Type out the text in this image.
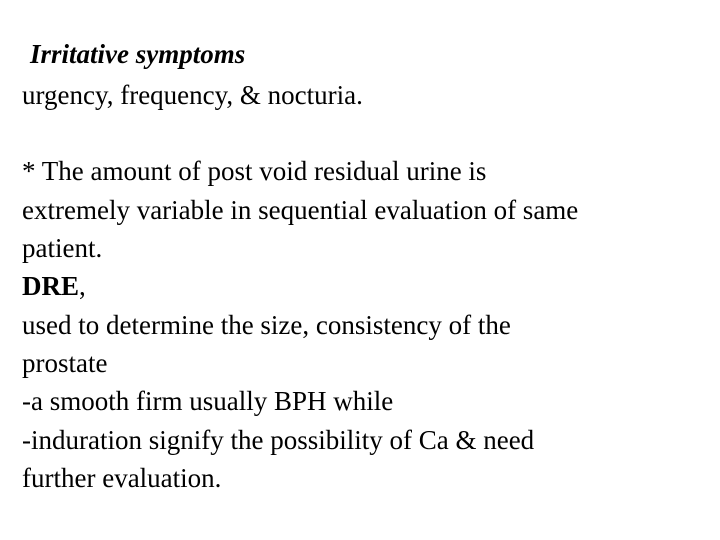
Irritative symptoms
urgency, frequency, & nocturia.
* The amount of post void residual urine is
extremely variable in sequential evaluation of same
patient.
DRE,
used to determine the size, consistency of the
prostate
-a smooth firm usually BPH while
-induration signify the possibility of Ca & need
further evaluation.
